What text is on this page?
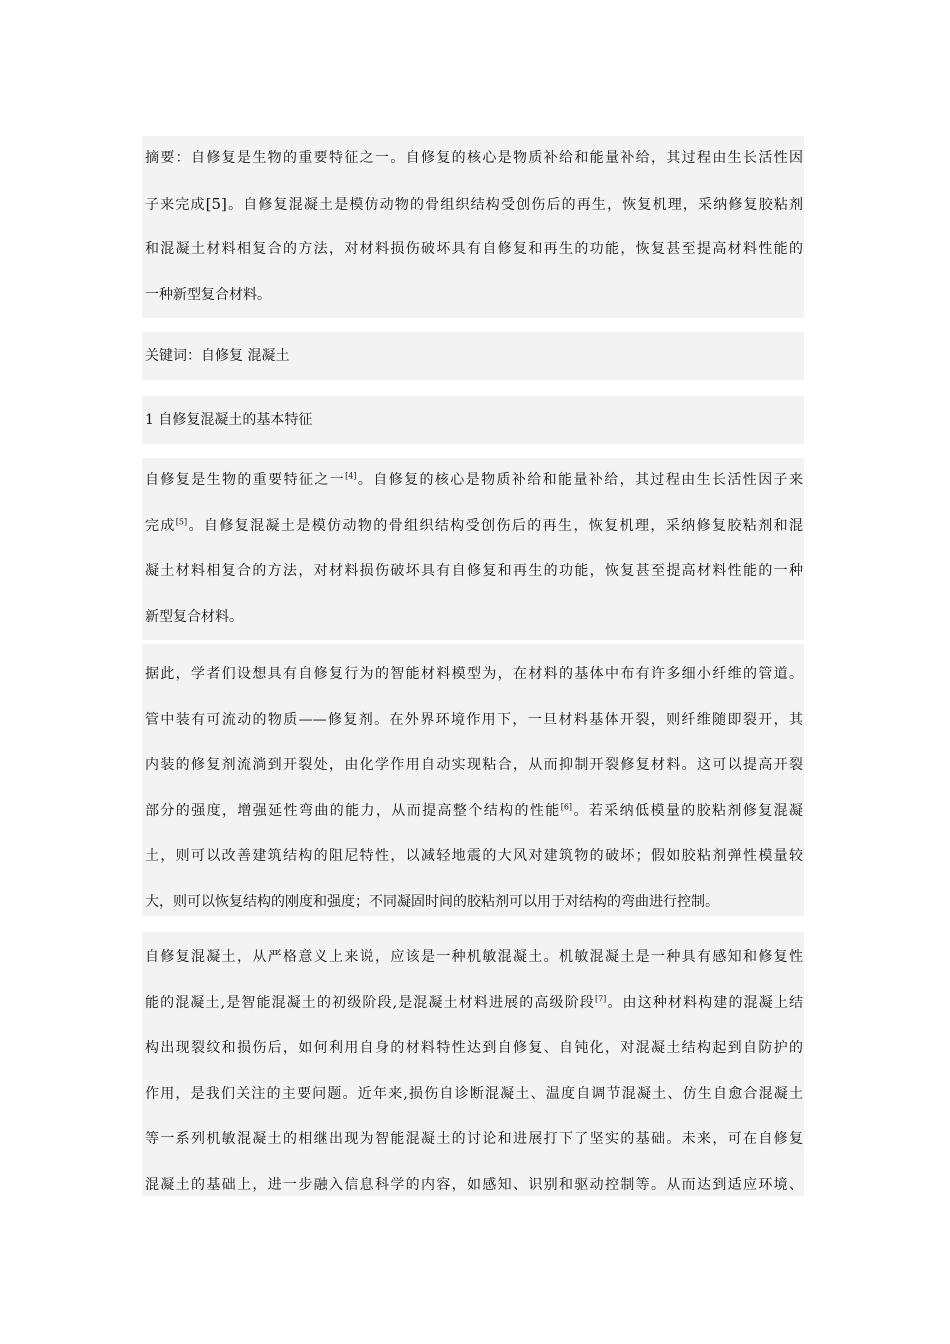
摘要：自修复是生物的重要特征之一。自修复的核心是物质补给和能量补给，其过程由生长活性因
子来完成[5]。自修复混凝土是模仿动物的骨组织结构受创伤后的再生，恢复机理，采纳修复胶粘剂
和混凝土材料相复合的方法，对材料损伤破坏具有自修复和再生的功能，恢复甚至提高材料性能的
一种新型复合材料。
关键词：自修复 混凝土
1 自修复混凝土的基本特征
自修复是生物的重要特征之一[4]。自修复的核心是物质补给和能量补给，其过程由生长活性因子来
完成[5]。自修复混凝土是模仿动物的骨组织结构受创伤后的再生，恢复机理，采纳修复胶粘剂和混
凝土材料相复合的方法，对材料损伤破坏具有自修复和再生的功能，恢复甚至提高材料性能的一种
新型复合材料。
据此，学者们设想具有自修复行为的智能材料模型为，在材料的基体中布有许多细小纤维的管道。
管中装有可流动的物质——修复剂。在外界环境作用下，一旦材料基体开裂，则纤维随即裂开，其
内装的修复剂流淌到开裂处，由化学作用自动实现粘合，从而抑制开裂修复材料。这可以提高开裂
部分的强度，增强延性弯曲的能力，从而提高整个结构的性能[6]。若采纳低模量的胶粘剂修复混凝
土，则可以改善建筑结构的阻尼特性，以减轻地震的大风对建筑物的破坏；假如胶粘剂弹性模量较
大，则可以恢复结构的刚度和强度；不同凝固时间的胶粘剂可以用于对结构的弯曲进行控制。
自修复混凝土，从严格意义上来说，应该是一种机敏混凝土。机敏混凝土是一种具有感知和修复性
能的混凝土,是智能混凝土的初级阶段,是混凝土材料进展的高级阶段[7]。由这种材料构建的混凝上结
构出现裂纹和损伤后，如何利用自身的材料特性达到自修复、自钝化，对混凝土结构起到自防护的
作用，是我们关注的主要问题。近年来,损伤自诊断混凝土、温度自调节混凝土、仿生自愈合混凝土
等一系列机敏混凝土的相继出现为智能混凝土的讨论和进展打下了坚实的基础。未来，可在自修复
混凝土的基础上，进一步融入信息科学的内容，如感知、识别和驱动控制等。从而达到适应环境、
